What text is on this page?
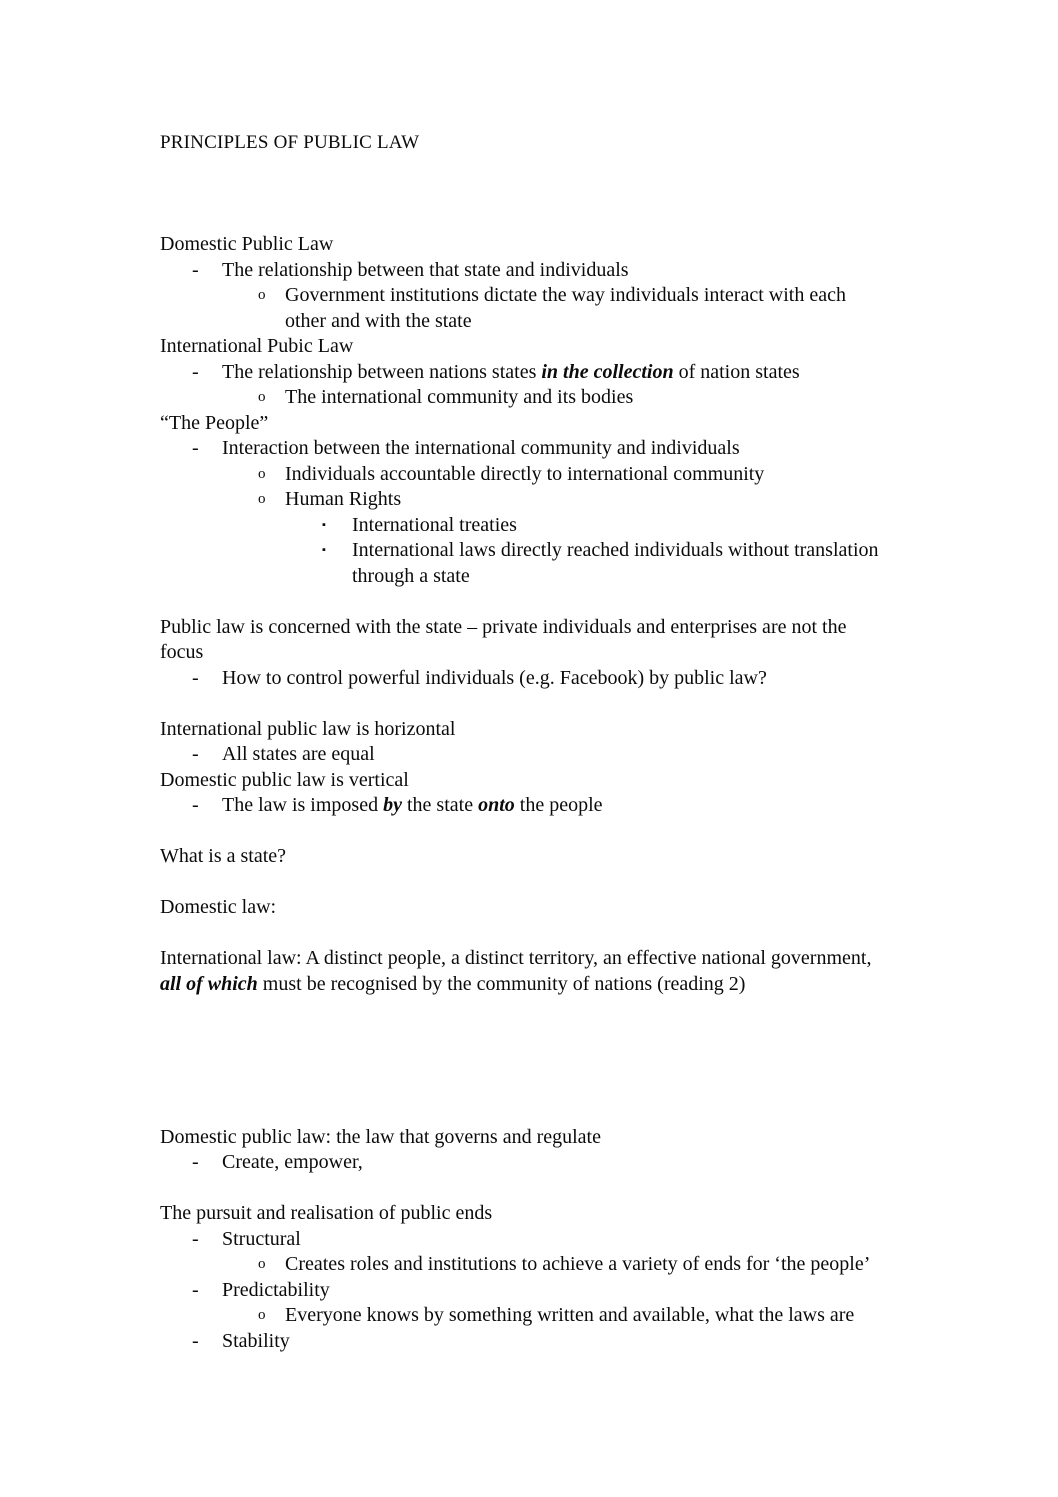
PRINCIPLES OF PUBLIC LAW

Domestic Public Law

- The relationship between that state and individuals
o Government institutions dictate the way individuals interact with each other and with the state

International Pubic Law

- The relationship between nations states in the collection of nation states
o The international community and its bodies

“The People”

- Interaction between the international community and individuals
o Individuals accountable directly to international community
o Human Rights
▪ International treaties
▪ International laws directly reached individuals without translation through a state

Public law is concerned with the state – private individuals and enterprises are not the focus

- How to control powerful individuals (e.g. Facebook) by public law?

International public law is horizontal

- All states are equal

Domestic public law is vertical

- The law is imposed by the state onto the people

What is a state?

Domestic law:

International law: A distinct people, a distinct territory, an effective national government, all of which must be recognised by the community of nations (reading 2)

Domestic public law: the law that governs and regulate

- Create, empower,

The pursuit and realisation of public ends

- Structural
o Creates roles and institutions to achieve a variety of ends for ‘the people’
- Predictability
o Everyone knows by something written and available, what the laws are
- Stability
